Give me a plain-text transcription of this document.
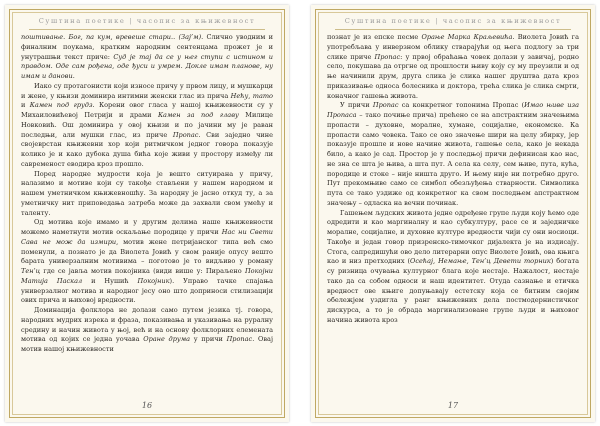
Суштина поетике | часопис за књижевност

поштивање. Бог, па кум, вревеше стари.. (Зај’м). Слично уводним и финалним поукама, кратким народним сентенцама прожет је и унутрашњи текст приче: Суд је тај да се у њег ступи с истином и правдом. Оде сам рођена, оде ђуси и умрем. Докле имам планове, ну имам и данови.

Иако су протагонисти који износе причу у првом лицу, и мушкарци и жене, у књизи доминира интимни женски глас из прича Нећу, тато и Камен под грудз. Корени овог гласа у нашој књижевности су у Михаиловићевој Петрији и драми Камен за под главу Милице Новковић. Ош доминира у овој књизи и по јачини му је раван последњи, али мушки глас, из приче Пропас. Сви заједно чине својеврстан књижевни хор који ритмичком једног говора показује колико је и како дубока душа бића које живи у простору између ли савременост еводира кроз прошло.

Поред народне мудрости која је вешто ситуирана у причу, налазимо и мотиве који су такође стављени у нашем народном и нашем уметничком књижевношћу. За народну је јасно откуд ту, а за уметничку нит приповедања затреба може да захвали свом умећу и таленту.

Од мотива које имамо и у другим делима наше књижевности можемо наметнути мотив оскаљање породице у причи Нас ни Свети Сава не мож да измири, мотив жене петријанског типа већ смо поменули, а познато је да Виолета Јовић у свом раније опусу вешто барата универзалним мотивима – поготово је то видљиво у роману Тен’ц где се јавља мотив покојника (види више у: Пирaљено Покојни Матија Паскал и Нушић Покојник). Управо тачке спајања универзалног мотива и народног јесу оно што доприноси стилизацији ових прича и њиховој вредности.

Доминација фолклора не долази само путем језика тј. говора, народних мудрих изрека и фраза, показивања и указивања на руралну средину и начин живота у њој, већ и на основу фолклорних елемената мотива од којих се једна уочава Оране друма у причи Пропас. Овај мотив нашој књижевности

16
Суштина поетике | часопис за књижевност

познат је из епске песме Орање Марка Краљевића. Виолета Јовић га употребљава у инверзном облику стварајући од њега подлогу за три слике приче Пропас: у првој обраћања човек долази у завичај, родно село, покушава да отргне од прошлости њиву коју су му преузили и од ње начинили друм, друга слика је слика нашег друштва дата кроз приказивање односа болесника и доктора, трећа слика је слика смрти, коначног гашења живота.

У причи Пропас са конкретног топонима Пропас (Имао њиве иза Пропаса – тако почиње прича) прећено се на апстрактним значењима пропасти – духовне, моралне, хумане, социјалне, економске. Ка пропасти само човека. Тако се оно значење шири на целу збирку, јер показује прошле и нове начине живота, гашење села, како је некада било, а како је сад. Простор је у последњој причи дефинисан као нас, не зна се шта је њива, а шта пут. А села ка селу, сем њиве, пута, кућа, породице и стоке – није ништа друго. И њему није ни потребно друго. Пут прекомњиве само се симбол обезљуђења стварности. Символика пута се тако уздиже од конкретног ка свом последњем апстрактном значењу – одласка на вечни починак.

Гашењем људских живота једне одређене групе људи коју ћемо оде одредити и као маргиналну и као субкултуру, расе се и заједничке моралне, социјалне, и духовне културе вредности чији су они носиоци. Такође и један говор призренско-тимочког дијалекта је на издисају. Стога, сапредишући ово дело литерарни опус Виолете Јовић, ова књига као и низ претходних (Осећај, Немање, Тен’ц Девети торник) богата су ризница очувања културног блага које нестаје. Нажалост, нестаје тако да са собом односи и наш идентитет. Отуда сазнање и етичка вредност ове књиге допуњавају естетску која се битним својим обележјем уздигла у ранг књижевних дела постмодернистичког дискурса, а то је обрада маргинализоване групе људи и њиховог начина живота кроз

17
